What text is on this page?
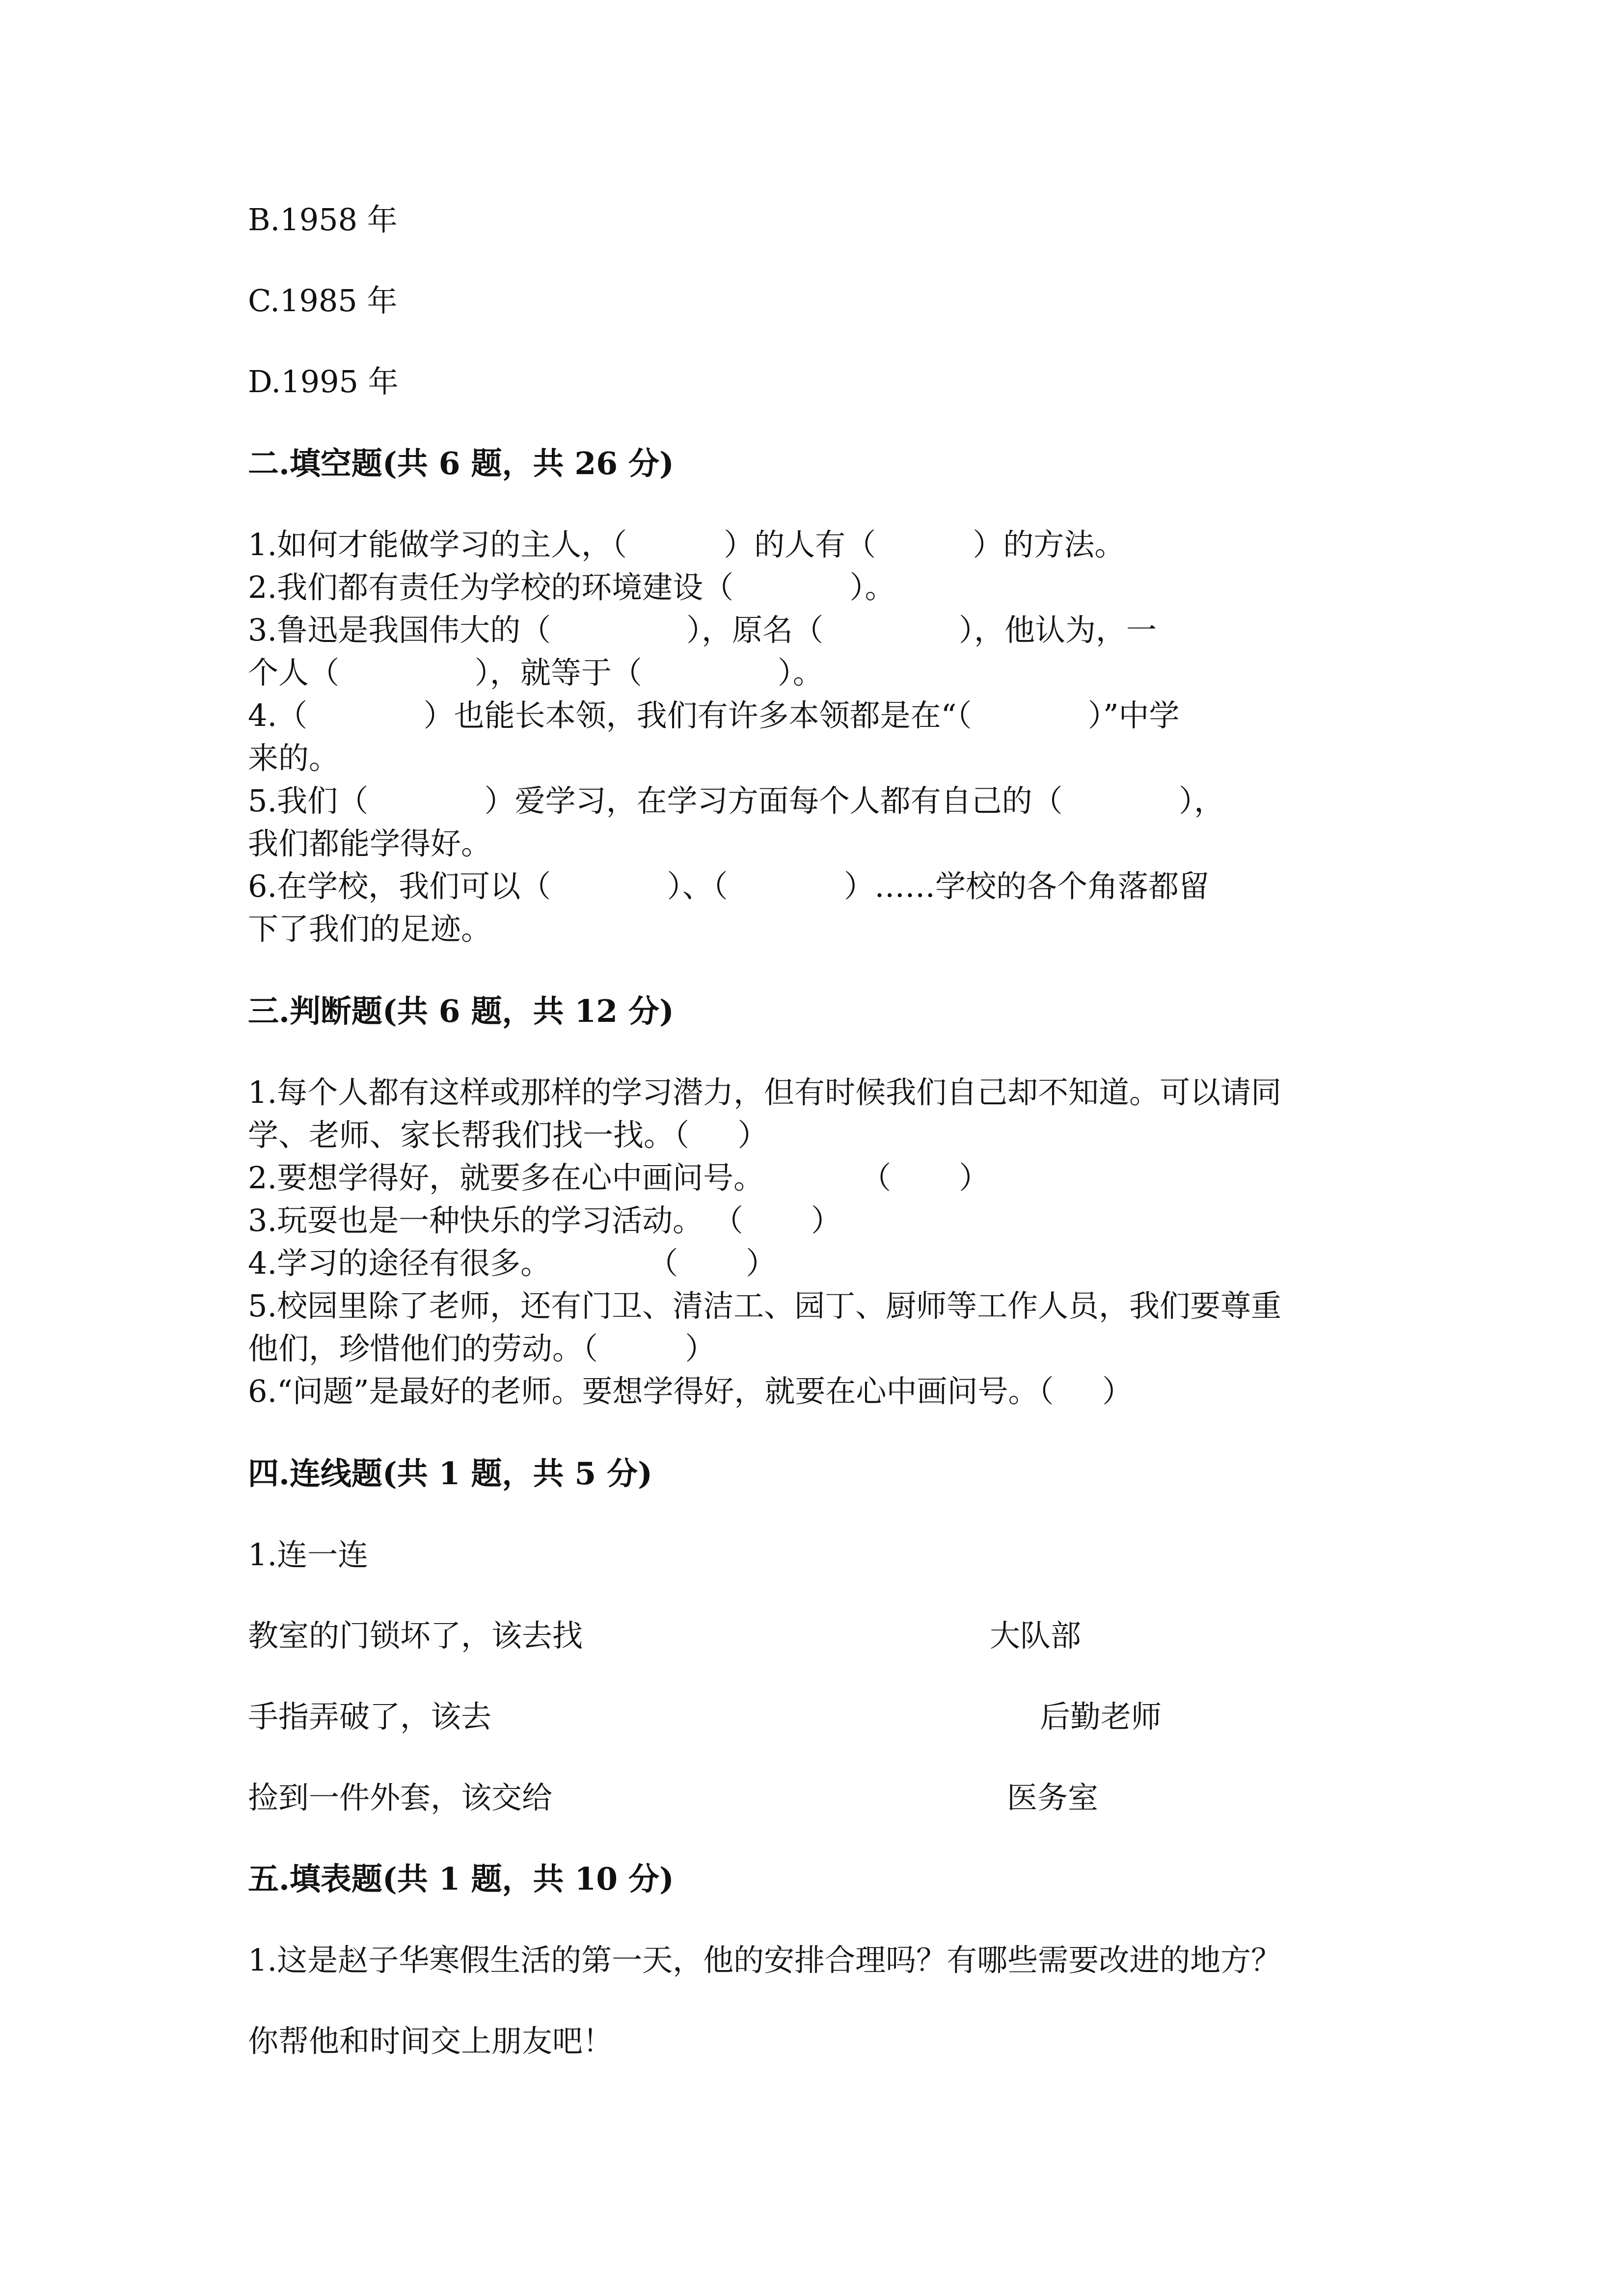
B.1958 年
C.1985 年
D.1995 年
二.填空题(共 6 题，共 26 分)
1.如何才能做学习的主人，（          ）的人有（          ）的方法。
2.我们都有责任为学校的环境建设（            ）。
3.鲁迅是我国伟大的（              ），原名（              ），他认为，一
个人（              ），就等于（              ）。
4.（            ）也能长本领，我们有许多本领都是在“（            ）”中学
来的。
5.我们（            ）爱学习，在学习方面每个人都有自己的（            ），
我们都能学得好。
6.在学校，我们可以（            ）、（            ）……学校的各个角落都留
下了我们的足迹。
三.判断题(共 6 题，共 12 分)
1.每个人都有这样或那样的学习潜力，但有时候我们自己却不知道。可以请同
学、老师、家长帮我们找一找。（     ）
2.要想学得好，就要多在心中画问号。          （       ）
3.玩耍也是一种快乐的学习活动。 （       ）
4.学习的途径有很多。          （       ）
5.校园里除了老师，还有门卫、清洁工、园丁、厨师等工作人员，我们要尊重
他们，珍惜他们的劳动。（         ）
6.“问题”是最好的老师。要想学得好，就要在心中画问号。（     ）
四.连线题(共 1 题，共 5 分)
1.连一连
教室的门锁坏了，该去找	大队部
手指弄破了，该去	后勤老师
捡到一件外套，该交给	医务室
五.填表题(共 1 题，共 10 分)
1.这是赵子华寒假生活的第一天，他的安排合理吗？有哪些需要改进的地方？
你帮他和时间交上朋友吧！
